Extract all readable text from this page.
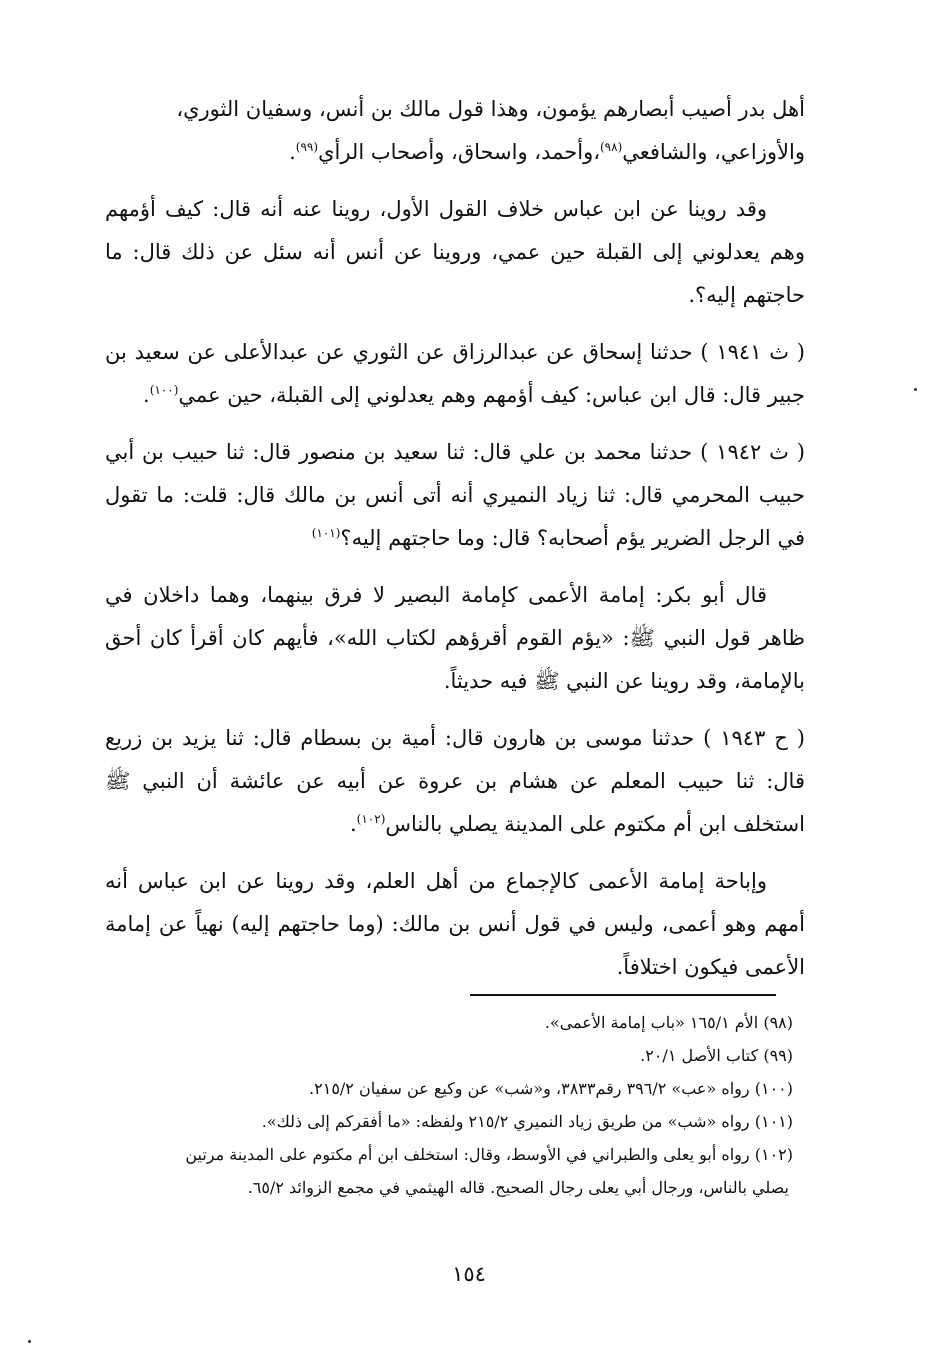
أهل بدر أصيب أبصارهم يؤمون، وهذا قول مالك بن أنس، وسفيان الثوري،
والأوزاعي، والشافعي$^{(٩٨)}$،وأحمد، واسحاق، وأصحاب الرأي$^{(٩٩)}$.

وقد روينا عن ابن عباس خلاف القول الأول، روينا عنه أنه قال: كيف أؤمهم وهم يعدلوني إلى القبلة حين عمي، وروينا عن أنس أنه سئل عن ذلك قال: ما حاجتهم إليه؟.

( ث ١٩٤١ ) حدثنا إسحاق عن عبدالرزاق عن الثوري عن عبدالأعلى عن سعيد بن جبير قال: قال ابن عباس: كيف أؤمهم وهم يعدلوني إلى القبلة، حين عمي$^{(١٠٠)}$.

( ث ١٩٤٢ ) حدثنا محمد بن علي قال: ثنا سعيد بن منصور قال: ثنا حبيب بن أبي حبيب المحرمي قال: ثنا زياد النميري أنه أتى أنس بن مالك قال: قلت: ما تقول في الرجل الضرير يؤم أصحابه؟ قال: وما حاجتهم إليه؟$^{(١٠١)}$

قال أبو بكر: إمامة الأعمى كإمامة البصير لا فرق بينهما، وهما داخلان في ظاهر قول النبي ﷺ: «يؤم القوم أقرؤهم لكتاب الله»، فأيهم كان أقرأ كان أحق بالإمامة، وقد روينا عن النبي ﷺ فيه حديثاً.

( ح ١٩٤٣ ) حدثنا موسى بن هارون قال: أمية بن بسطام قال: ثنا يزيد بن زريع قال: ثنا حبيب المعلم عن هشام بن عروة عن أبيه عن عائشة أن النبي ﷺ استخلف ابن أم مكتوم على المدينة يصلي بالناس$^{(١٠٢)}$.

وإباحة إمامة الأعمى كالإجماع من أهل العلم، وقد روينا عن ابن عباس أنه أمهم وهو أعمى، وليس في قول أنس بن مالك: (وما حاجتهم إليه) نهياً عن إمامة الأعمى فيكون اختلافاً.

(٩٨) الأم ١٦٥/١ «باب إمامة الأعمى».

(٩٩) كتاب الأصل ٢٠/١.

(١٠٠) رواه «عب» ٣٩٦/٢ رقم٣٨٣٣، و«شب» عن وكيع عن سفيان ٢١٥/٢.

(١٠١) رواه «شب» من طريق زياد النميري ٢١٥/٢ ولفظه: «ما أفقركم إلى ذلك».

(١٠٢) رواه أبو يعلى والطبراني في الأوسط، وقال: استخلف ابن أم مكتوم على المدينة مرتين

يصلي بالناس، ورجال أبي يعلى رجال الصحيح. قاله الهيثمي في مجمع الزوائد ٦٥/٢.

١٥٤
